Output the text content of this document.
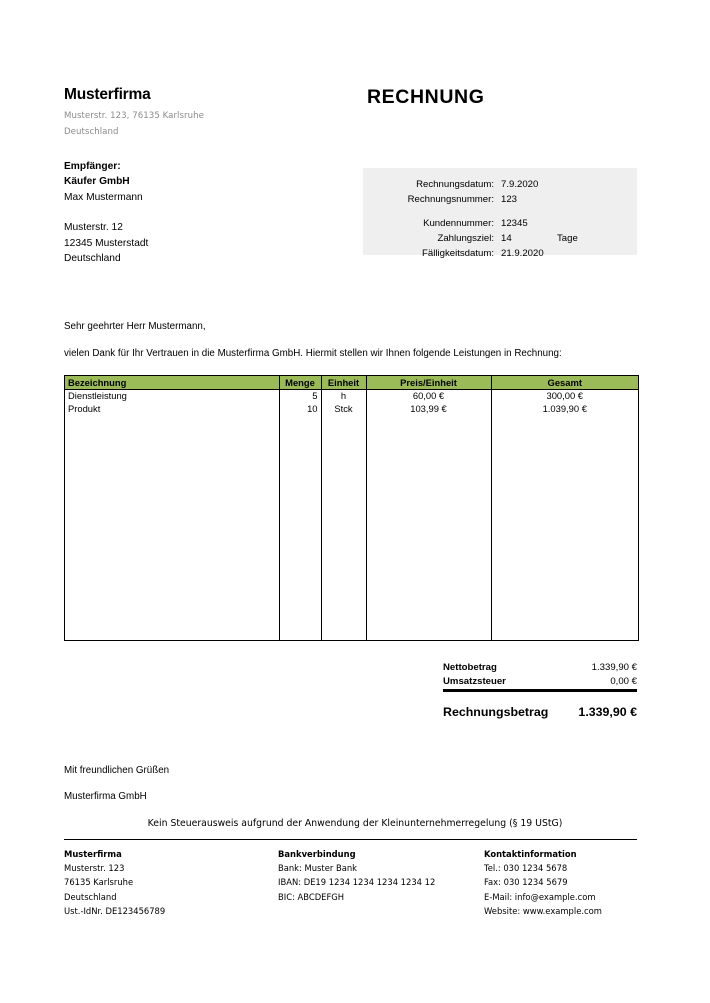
Musterfirma
Musterstr. 123, 76135 Karlsruhe
Deutschland
RECHNUNG
Empfänger:
Käufer GmbH
Max Mustermann
Musterstr. 12
12345 Musterstadt
Deutschland
Rechnungsdatum: 7.9.2020
Rechnungsnummer: 123
Kundennummer: 12345
Zahlungsziel: 14	Tage
Fälligkeitsdatum: 21.9.2020
Sehr geehrter Herr Mustermann,
vielen Dank für Ihr Vertrauen in die Musterfirma GmbH. Hiermit stellen wir Ihnen folgende Leistungen in Rechnung:
Bezeichnung	Menge	Einheit	Preis/Einheit	Gesamt
Dienstleistung	5	h	60,00 €	300,00 €
Produkt	10	Stck	103,99 €	1.039,90 €

Nettobetrag	1.339,90 €
Umsatzsteuer	0,00 €
Rechnungsbetrag 1.339,90 €
Mit freundlichen Grüßen
Musterfirma GmbH
Kein Steuerausweis aufgrund der Anwendung der Kleinunternehmerregelung (§ 19 UStG)
Musterfirma
Musterstr. 123
76135 Karlsruhe
Deutschland
Ust.-IdNr. DE123456789
Bankverbindung
Bank: Muster Bank
IBAN: DE19 1234 1234 1234 1234 12
BIC: ABCDEFGH
Kontaktinformation
Tel.: 030 1234 5678
Fax: 030 1234 5679
E-Mail: info@example.com
Website: www.example.com
